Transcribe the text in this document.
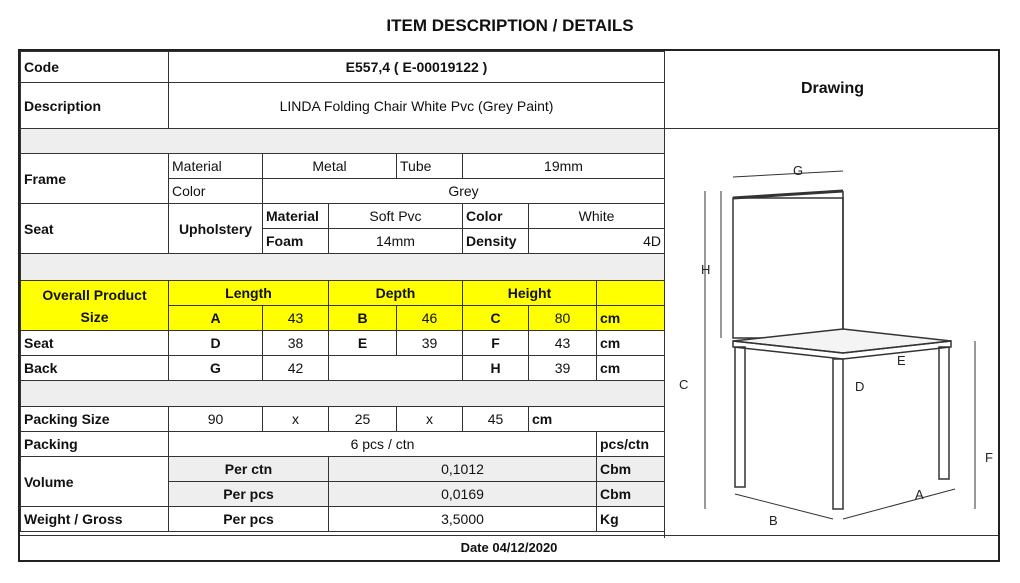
ITEM DESCRIPTION / DETAILS
Code	E557,4 ( E-00019122 )						
Description	LINDA Folding Chair White Pvc (Grey Paint)						

Frame	Material	Metal		Tube	19mm		
	Color	Grey					
Seat	Upholstery	Material	Soft Pvc		Color	White	
		Foam	14mm		Density	4D	

Overall Product
Size	Length		Depth		Height		
	A	43	B	46	C	80	cm
Seat	D	38	E	39	F	43	cm
Back	G	42			H	39	cm

Packing Size	90	x	25	x	45	cm	
Packing	6 pcs / ctn						pcs/ctn
Volume	Per ctn		0,1012				Cbm
	Per pcs		0,0169				Cbm
Weight / Gross	Per pcs		3,5000				Kg
Drawing
G
H
C
E
D
F
B
A
Date 04/12/2020
